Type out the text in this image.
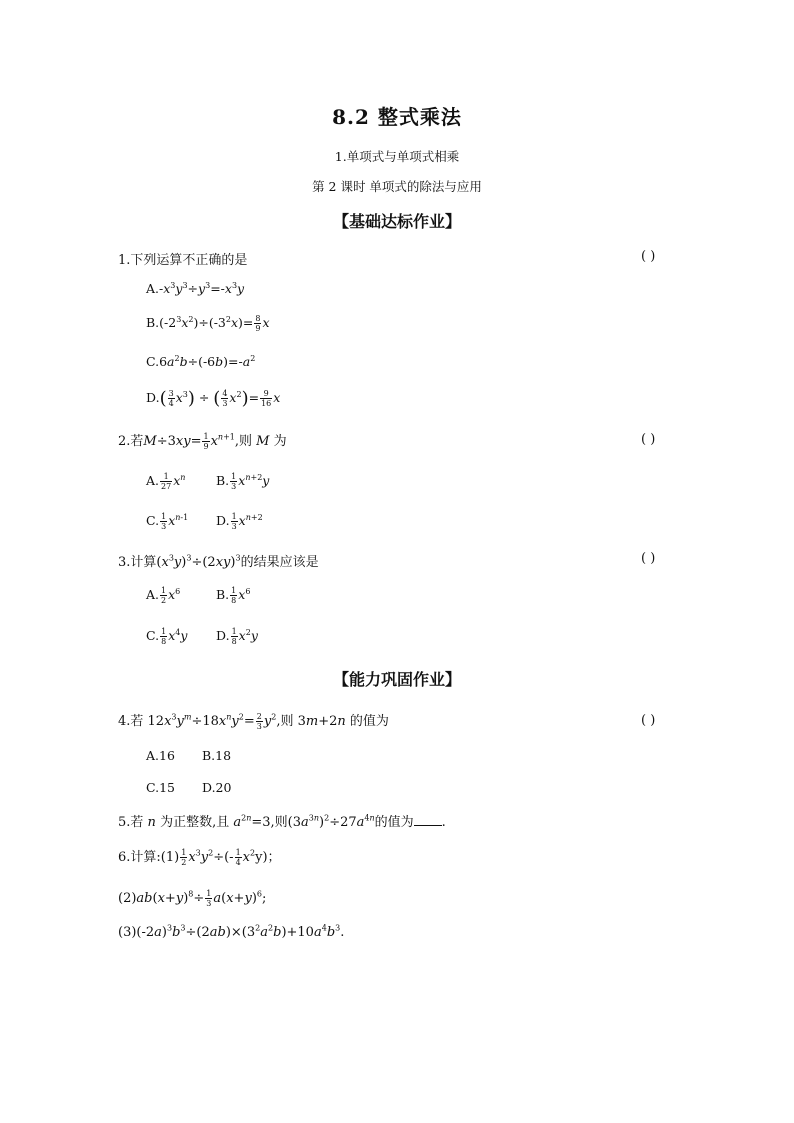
8.2 整式乘法
1.单项式与单项式相乘
第 2 课时 单项式的除法与应用
【基础达标作业】
1.下列运算不正确的是	( )
$A.-x^3y^3\div y^3=-x^3y$
$B.(-2^3x^2)\div(-3^2x)= \frac{8}{9}$ x
$C.6a^2b\div(-6b)=-a^2$
$D.( \frac{3}{4} x^3)$ ÷ ( $\frac{4}{3} x^2)= \frac{9}{16}$ x
2.若$M\div 3xy= \frac{1}{9} x^{n+1}$,则 M 为	( )
A. $\frac{1}{27} x^n$ B. $\frac{1}{3} x^{n+2}y$
C. $\frac{1}{3} x^{n-1}$ D. $\frac{1}{3} x^{n+2}$
3.计算$(x^3y)^3\div(2xy)^3$的结果应该是	( )
A. $\frac{1}{2} x^6$	B. $\frac{1}{8} x^6$
C. $\frac{1}{8} x^4y$ D. $\frac{1}{8} x^2y$
【能力巩固作业】
4.若 $12x^3y^m\div 18x^ny^2= \frac{2}{3} y^2$,则 3m+2n 的值为	( )
A.16 B.18
C.15 D.20
5.若 n 为正整数,且 $a^{2n}=3$,则$(3a^{3n})^2\div 27a^{4n}$的值为 .
6.计算:(1) $\frac{1}{2} x^3y^2\div(- \frac{1}{4} x^2y)$；
$(2)ab(x+y)^8\div \frac{1}{3} a(x+y)^6$;
$(3)(-2a)^3b^3\div(2ab)\times(3^2a^2b)+10a^4b^3$.
